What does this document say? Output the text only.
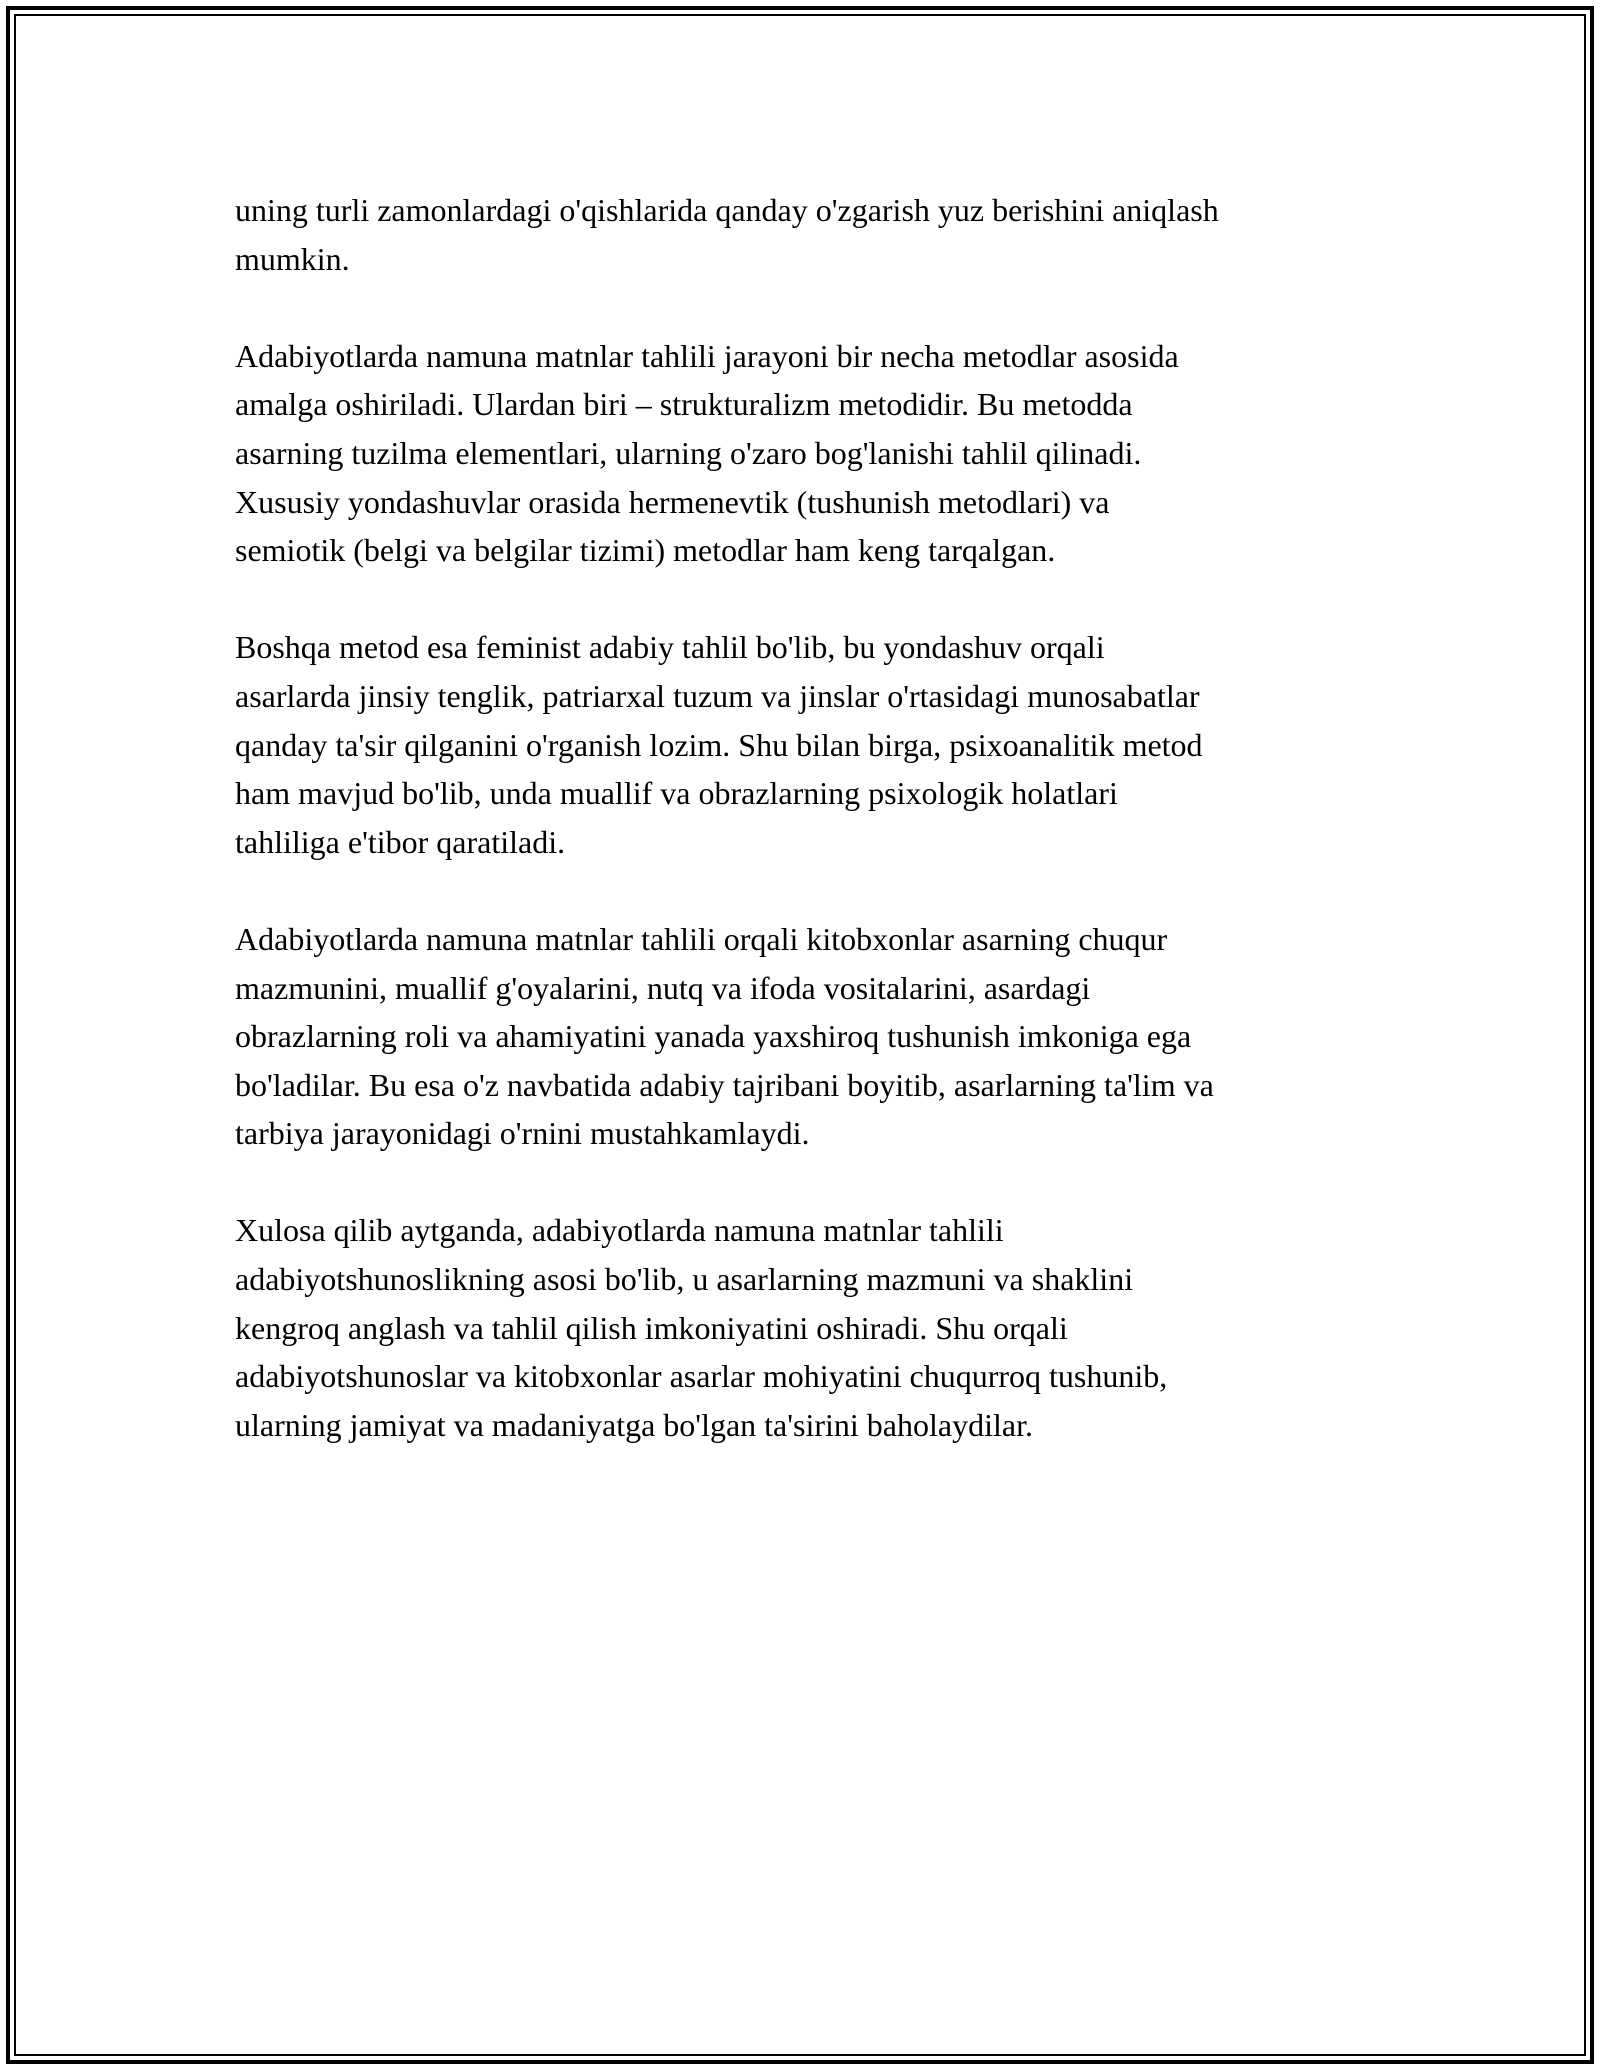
uning turli zamonlardagi o'qishlarida qanday o'zgarish yuz berishini aniqlash
mumkin.

Adabiyotlarda namuna matnlar tahlili jarayoni bir necha metodlar asosida
amalga oshiriladi. Ulardan biri – strukturalizm metodidir. Bu metodda
asarning tuzilma elementlari, ularning o'zaro bog'lanishi tahlil qilinadi.
Xususiy yondashuvlar orasida hermenevtik (tushunish metodlari) va
semiotik (belgi va belgilar tizimi) metodlar ham keng tarqalgan.

Boshqa metod esa feminist adabiy tahlil bo'lib, bu yondashuv orqali
asarlarda jinsiy tenglik, patriarxal tuzum va jinslar o'rtasidagi munosabatlar
qanday ta'sir qilganini o'rganish lozim. Shu bilan birga, psixoanalitik metod
ham mavjud bo'lib, unda muallif va obrazlarning psixologik holatlari
tahliliga e'tibor qaratiladi.

Adabiyotlarda namuna matnlar tahlili orqali kitobxonlar asarning chuqur
mazmunini, muallif g'oyalarini, nutq va ifoda vositalarini, asardagi
obrazlarning roli va ahamiyatini yanada yaxshiroq tushunish imkoniga ega
bo'ladilar. Bu esa o'z navbatida adabiy tajribani boyitib, asarlarning ta'lim va
tarbiya jarayonidagi o'rnini mustahkamlaydi.

Xulosa qilib aytganda, adabiyotlarda namuna matnlar tahlili
adabiyotshunoslikning asosi bo'lib, u asarlarning mazmuni va shaklini
kengroq anglash va tahlil qilish imkoniyatini oshiradi. Shu orqali
adabiyotshunoslar va kitobxonlar asarlar mohiyatini chuqurroq tushunib,
ularning jamiyat va madaniyatga bo'lgan ta'sirini baholaydilar.
